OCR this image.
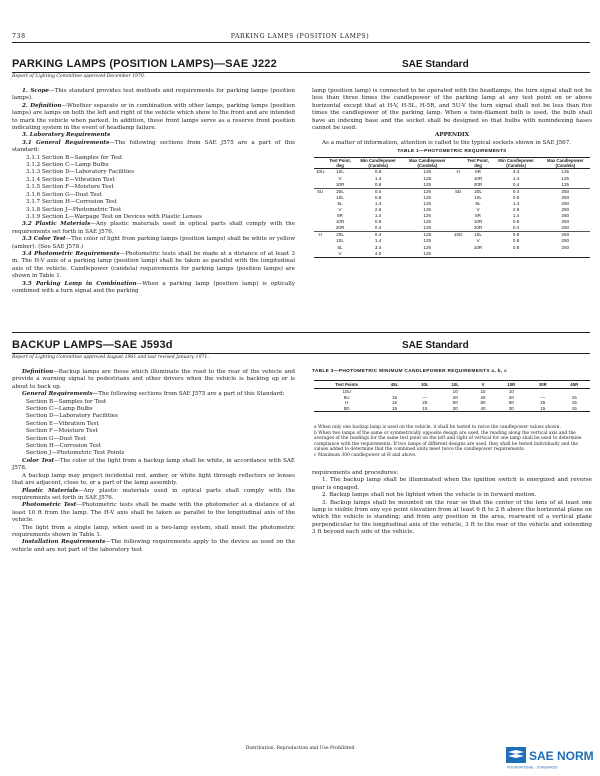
738	PARKING LAMPS (POSITION LAMPS)
PARKING LAMPS (POSITION LAMPS)—SAE J222	SAE Standard
Report of Lighting Committee approved December 1970.

1. Scope—This standard provides test methods and requirements for parking lamps (position lamps).

2. Definition—Whether separate or in combination with other lamps, parking lamps (position lamps) are lamps on both the left and right of the vehicle which show to the front and are intended to mark the vehicle when parked. In addition, these front lamps serve as a reserve front position indicating system in the event of headlamp failure.

3. Laboratory Requirements

3.1 General Requirements—The following sections from SAE J575 are a part of this standard:

3.1.1 Section B—Samples for Test

3.1.2 Section C—Lamp Bulbs

3.1.3 Section D—Laboratory Facilities

3.1.4 Section E—Vibration Test

3.1.5 Section F—Moisture Test

3.1.6 Section G—Dust Test

3.1.7 Section H—Corrosion Test

3.1.8 Section J—Photometric Test

3.1.9 Section L—Warpage Test on Devices with Plastic Lenses

3.2 Plastic Materials—Any plastic materials used in optical parts shall comply with the requirements set forth in SAE J576.

3.3 Color Test—The color of light from parking lamps (position lamps) shall be white or yellow (amber). (See SAE J578.)

3.4 Photometric Requirements—Photometric tests shall be made at a distance of at least 3 m. The H-V axis of a parking lamp (position lamp) shall be taken as parallel with the longitudinal axis of the vehicle. Candlepower (candela) requirements for parking lamps (position lamps) are shown in Table 1.

3.5 Parking Lamp in Combination—When a parking lamp (position lamp) is optically combined with a turn signal and the parking

lamp (position lamp) is connected to be operated with the headlamps, the turn signal shall not be less than three times the candlepower of the parking lamp at any test point on or above horizontal except that at H-V, H-5L, H-5R, and 5U-V the turn signal shall not be less than five times the candlepower of the parking lamp. When a twin-filament bulb is used, the bulb shall have an indexing base and the socket shall be designed so that bulbs with nonindexing bases cannot be used.

APPENDIX

As a matter of information, attention is called to the typical sockets shown in SAE J567.

TABLE 1—PHOTOMETRIC REQUIREMENTS
	Test Point, deg	Min Candlepower (Candela)	Max Candlepower (Candela)		Test Point, deg	Min Candlepower (Candela)	Max Candlepower (Candela)
10U	10L	0.8	125	H	5R	3.4	125
	V	1.4	125		10R	1.4	125
	10R	0.8	125		20R	0.4	125
5U	20L	0.4	125	5D	20L	0.4	250
	10L	0.8	125		10L	0.8	250
	5L	1.4	125		5L	1.4	250
	V	2.6	125		V	2.6	250
	5R	1.4	125		5R	1.4	250
	10R	0.8	125		10R	0.8	250
	20R	0.4	125		20R	0.4	250
H	20L	0.4	125	10D	10L	0.8	250
	10L	1.4	125		V	0.8	250
	5L	3.4	125		10R	0.8	250
	V	4.0	125				
BACKUP LAMPS—SAE J593d	SAE Standard
Report of Lighting Committee approved August 1961 and last revised January 1971.

Definition—Backup lamps are those which illuminate the road to the rear of the vehicle and provide a warning signal to pedestrians and other drivers when the vehicle is backing up or is about to back up.

General Requirements—The following sections from SAE J575 are a part of this Standard:

Section B—Samples for Test

Section C—Lamp Bulbs

Section D—Laboratory Facilities

Section E—Vibration Test

Section F—Moisture Test

Section G—Dust Test

Section H—Corrosion Test

Section J—Photometric Test Points

Color Test—The color of the light from a backup lamp shall be white, in accordance with SAE J578.

A backup lamp may project incidental red, amber, or white light through reflectors or lenses that are adjacent, close to, or a part of the lamp assembly.

Plastic Materials—Any plastic materials used in optical parts shall comply with the requirements set forth in SAE J576.

Photometric Test—Photometric tests shall be made with the photometer at a distance of at least 10 ft from the lamp. The H-V axis shall be taken as parallel to the longitudinal axis of the vehicle.

The light from a single lamp, when used in a two-lamp system, shall meet the photometric requirements shown in Table 1.

Installation Requirements—The following requirements apply to the device as used on the vehicle and are not part of the laboratory test

TABLE 3—PHOTOMETRIC MINIMUM CANDLEPOWER REQUIREMENTS a, b, c
Test Points	45L	30L	10L	V	10R	30R	45R
10U			10	15	10		
5U	15	—	20	25	20	—	15
H	15	25	50	80	50	25	15
5D	15	15	30	40	30	15	15
a When only one backup lamp is used on the vehicle, it shall be tested to twice the candlepower values shown.
b When two lamps of the same or symmetrically opposite design are used, the reading along the vertical axis and the averages of the readings for the same test point on the left and right of vertical for one lamp shall be used to determine compliance with the requirements. If two lamps of different designs are used, they shall be tested individually and the values added to determine that the combined units meet twice the candlepower requirements.
c Maximum 300 candlepower at H and above.

requirements and procedures:

1. The backup lamp shall be illuminated when the ignition switch is energized and reverse gear is engaged.

2. Backup lamps shall not be lighted when the vehicle is in forward motion.

3. Backup lamps shall be mounted on the rear so that the center of the lens of at least one lamp is visible from any eye point elevation from at least 6 ft to 2 ft above the horizontal plane on which the vehicle is standing; and from any position in the area, rearward of a vertical plane perpendicular to the longitudinal axis of the vehicle, 3 ft to the rear of the vehicle and extending 3 ft beyond each side of the vehicle.

Distribution, Reproduction and Use Prohibited
SAE NORM
INTERNATIONAL · STANDARDS
